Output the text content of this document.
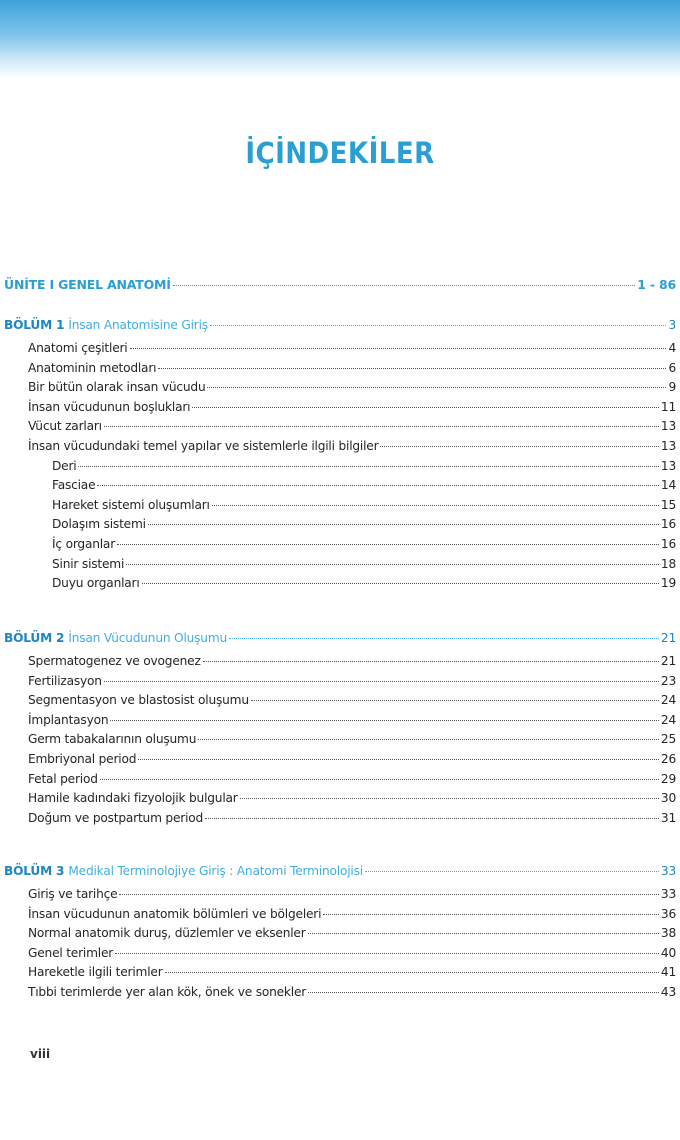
İÇİNDEKİLER
ÜNİTE I GENEL ANATOMİ	1 - 86
BÖLÜM 1 İnsan Anatomisine Giriş	3
Anatomi çeşitleri	4
Anatominin metodları	6
Bir bütün olarak insan vücudu	9
İnsan vücudunun boşlukları	11
Vücut zarları	13
İnsan vücudundaki temel yapılar ve sistemlerle ilgili bilgiler	13
Deri	13
Fasciae	14
Hareket sistemi oluşumları	15
Dolaşım sistemi	16
İç organlar	16
Sinir sistemi	18
Duyu organları	19
BÖLÜM 2 İnsan Vücudunun Oluşumu	21
Spermatogenez ve ovogenez	21
Fertilizasyon	23
Segmentasyon ve blastosist oluşumu	24
İmplantasyon	24
Germ tabakalarının oluşumu	25
Embriyonal period	26
Fetal period	29
Hamile kadındaki fizyolojik bulgular	30
Doğum ve postpartum period	31
BÖLÜM 3 Medikal Terminolojiye Giriş : Anatomi Terminolojisi	33
Giriş ve tarihçe	33
İnsan vücudunun anatomik bölümleri ve bölgeleri	36
Normal anatomik duruş, düzlemler ve eksenler	38
Genel terimler	40
Hareketle ilgili terimler	41
Tıbbi terimlerde yer alan kök, önek ve sonekler	43
viii
